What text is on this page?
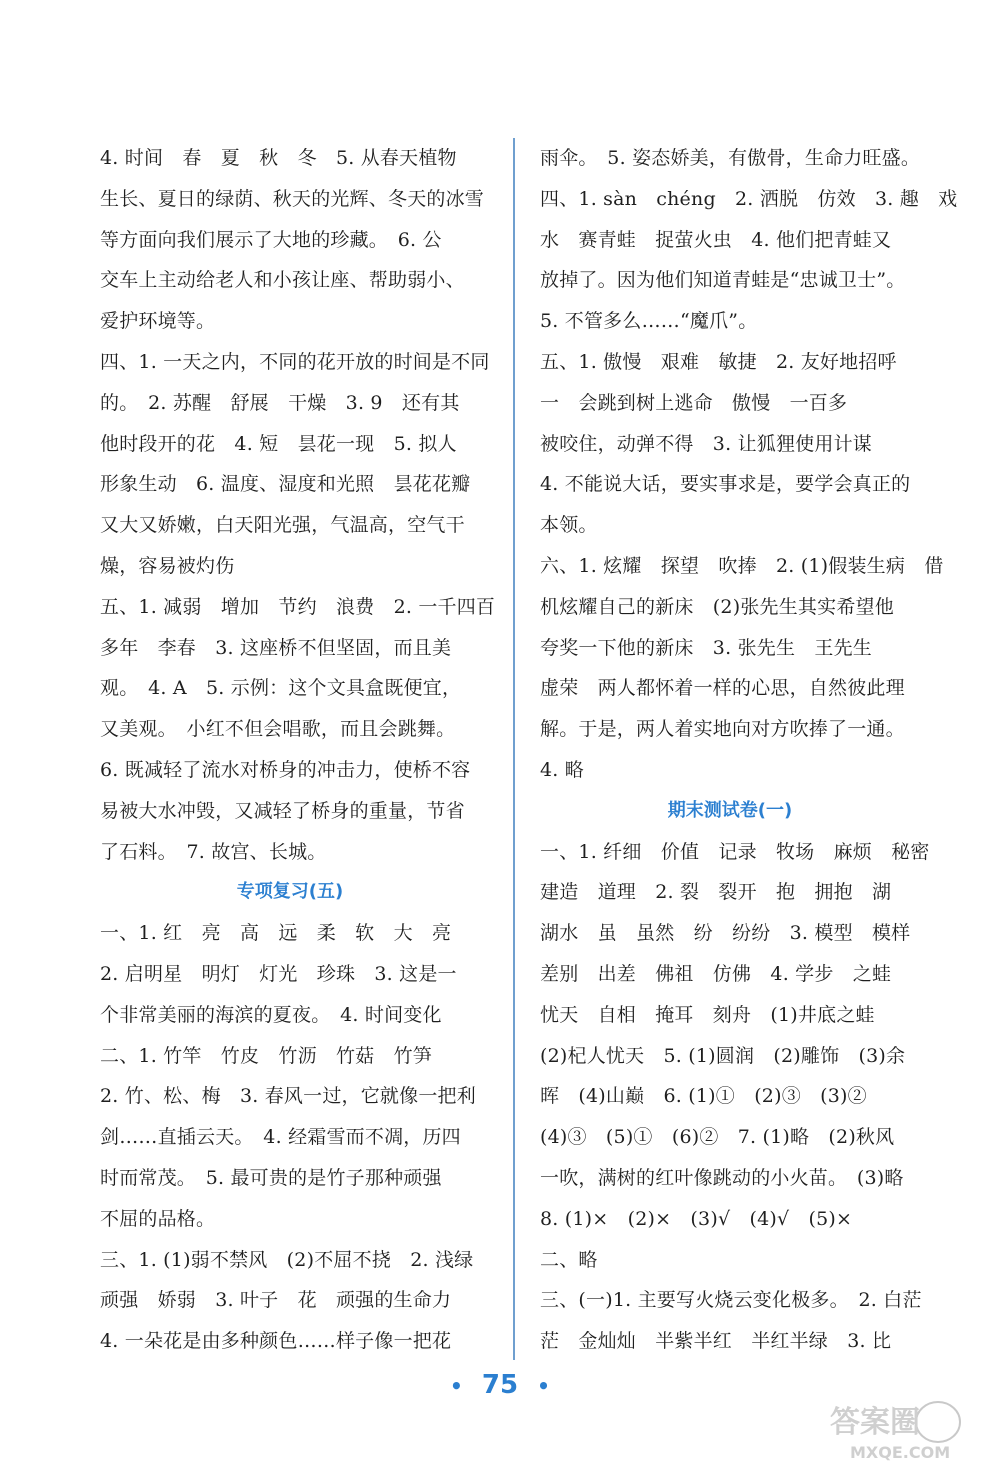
4. 时间　春　夏　秋　冬　5. 从春天植物
生长、夏日的绿荫、秋天的光辉、冬天的冰雪
等方面向我们展示了大地的珍藏。　6. 公
交车上主动给老人和小孩让座、帮助弱小、
爱护环境等。
四、1. 一天之内，不同的花开放的时间是不同
的。　2. 苏醒　舒展　干燥　3. 9　还有其
他时段开的花　4. 短　昙花一现　5. 拟人
形象生动　6. 温度、湿度和光照　昙花花瓣
又大又娇嫩，白天阳光强，气温高，空气干
燥，容易被灼伤
五、1. 减弱　增加　节约　浪费　2. 一千四百
多年　李春　3. 这座桥不但坚固，而且美
观。　4. A　5. 示例：这个文具盒既便宜，
又美观。　小红不但会唱歌，而且会跳舞。
6. 既减轻了流水对桥身的冲击力，使桥不容
易被大水冲毁，又减轻了桥身的重量，节省
了石料。　7. 故宫、长城。
专项复习(五)
一、1. 红　亮　高　远　柔　软　大　亮
2. 启明星　明灯　灯光　珍珠　3. 这是一
个非常美丽的海滨的夏夜。　4. 时间变化
二、1. 竹竿　竹皮　竹沥　竹菇　竹笋
2. 竹、松、梅　3. 春风一过，它就像一把利
剑……直插云天。　4. 经霜雪而不凋，历四
时而常茂。　5. 最可贵的是竹子那种顽强
不屈的品格。
三、1. (1)弱不禁风　(2)不屈不挠　2. 浅绿
顽强　娇弱　3. 叶子　花　顽强的生命力
4. 一朵花是由多种颜色……样子像一把花
雨伞。　5. 姿态娇美，有傲骨，生命力旺盛。
四、1. sàn　chéng　2. 洒脱　仿效　3. 趣　戏
水　赛青蛙　捉萤火虫　4. 他们把青蛙又
放掉了。因为他们知道青蛙是“忠诚卫士”。
5. 不管多么……“魔爪”。
五、1. 傲慢　艰难　敏捷　2. 友好地招呼
一　会跳到树上逃命　傲慢　一百多
被咬住，动弹不得　3. 让狐狸使用计谋
4. 不能说大话，要实事求是，要学会真正的
本领。
六、1. 炫耀　探望　吹捧　2. (1)假装生病　借
机炫耀自己的新床　(2)张先生其实希望他
夸奖一下他的新床　3. 张先生　王先生
虚荣　两人都怀着一样的心思，自然彼此理
解。于是，两人着实地向对方吹捧了一通。
4. 略
期末测试卷(一)
一、1. 纤细　价值　记录　牧场　麻烦　秘密
建造　道理　2. 裂　裂开　抱　拥抱　湖
湖水　虽　虽然　纷　纷纷　3. 模型　模样
差别　出差　佛祖　仿佛　4. 学步　之蛙
忧天　自相　掩耳　刻舟　(1)井底之蛙
(2)杞人忧天　5. (1)圆润　(2)雕饰　(3)余
晖　(4)山巅　6. (1)①　(2)③　(3)②
(4)③　(5)①　(6)②　7. (1)略　(2)秋风
一吹，满树的红叶像跳动的小火苗。　(3)略
8. (1)×　(2)×　(3)√　(4)√　(5)×
二、略
三、(一)1. 主要写火烧云变化极多。　2. 白茫
茫　金灿灿　半紫半红　半红半绿　3. 比
• 75 •
答案圈
MXQE.COM
